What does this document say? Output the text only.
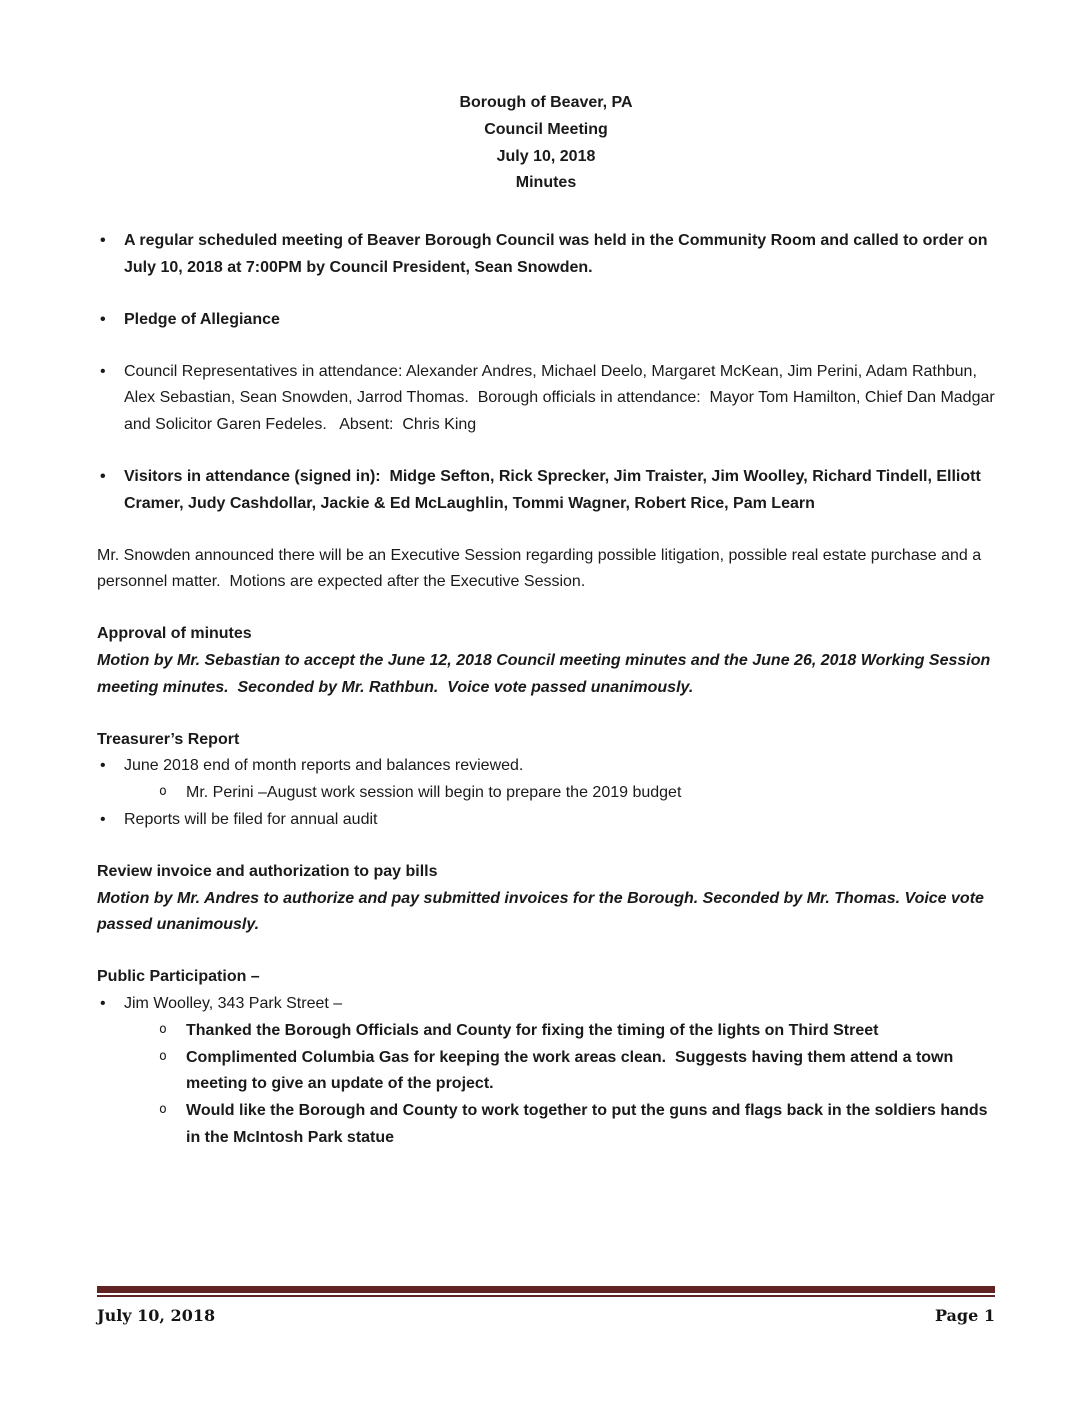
Borough of Beaver, PA
Council Meeting
July 10, 2018
Minutes
• A regular scheduled meeting of Beaver Borough Council was held in the Community Room and called to order on July 10, 2018 at 7:00PM by Council President, Sean Snowden.
• Pledge of Allegiance
• Council Representatives in attendance: Alexander Andres, Michael Deelo, Margaret McKean, Jim Perini, Adam Rathbun, Alex Sebastian, Sean Snowden, Jarrod Thomas.  Borough officials in attendance:  Mayor Tom Hamilton, Chief Dan Madgar and Solicitor Garen Fedeles.   Absent:  Chris King
• Visitors in attendance (signed in):  Midge Sefton, Rick Sprecker, Jim Traister, Jim Woolley, Richard Tindell, Elliott Cramer, Judy Cashdollar, Jackie & Ed McLaughlin, Tommi Wagner, Robert Rice, Pam Learn
Mr. Snowden announced there will be an Executive Session regarding possible litigation, possible real estate purchase and a personnel matter.  Motions are expected after the Executive Session.
Approval of minutes
Motion by Mr. Sebastian to accept the June 12, 2018 Council meeting minutes and the June 26, 2018 Working Session meeting minutes.  Seconded by Mr. Rathbun.  Voice vote passed unanimously.
Treasurer’s Report
• June 2018 end of month reports and balances reviewed.
o Mr. Perini –August work session will begin to prepare the 2019 budget
• Reports will be filed for annual audit
Review invoice and authorization to pay bills
Motion by Mr. Andres to authorize and pay submitted invoices for the Borough. Seconded by Mr. Thomas. Voice vote passed unanimously.
Public Participation –
• Jim Woolley, 343 Park Street –
o Thanked the Borough Officials and County for fixing the timing of the lights on Third Street
o Complimented Columbia Gas for keeping the work areas clean.  Suggests having them attend a town meeting to give an update of the project.
o Would like the Borough and County to work together to put the guns and flags back in the soldiers hands in the McIntosh Park statue
July 10, 2018	Page 1
